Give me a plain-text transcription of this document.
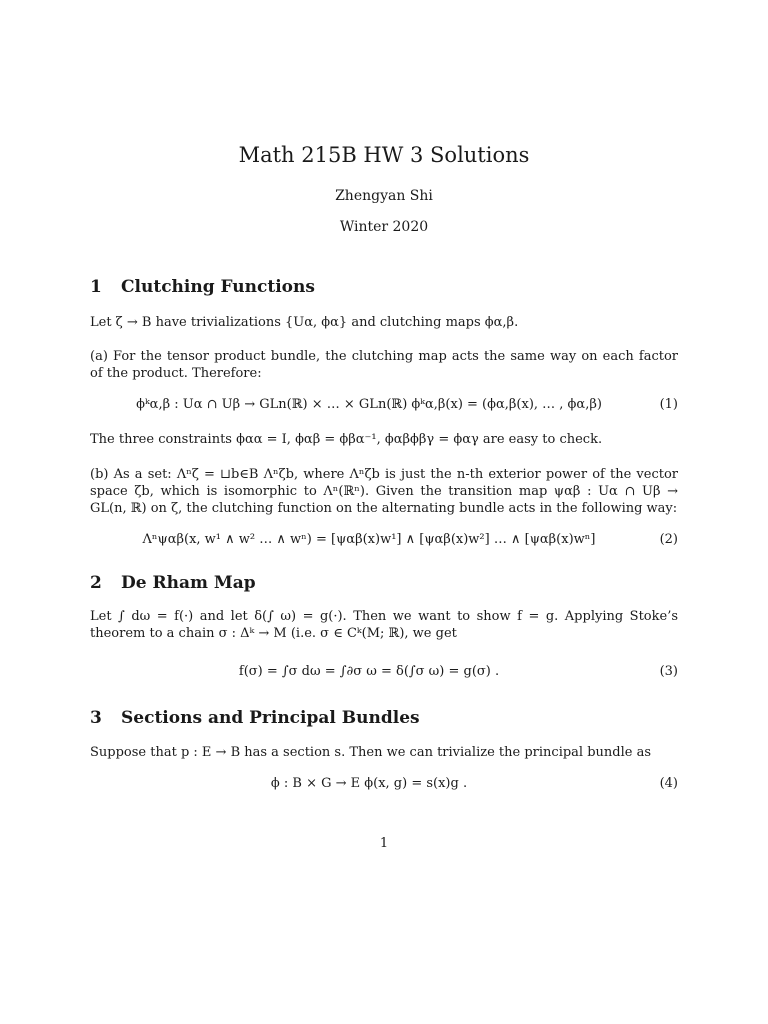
Math 215B HW 3 Solutions
Zhengyan Shi
Winter 2020
1 Clutching Functions
Let ζ → B have trivializations {Uα, ϕα} and clutching maps ϕα,β.
(a) For the tensor product bundle, the clutching map acts the same way on each factor of the product. Therefore:
ϕᵏα,β : Uα ∩ Uβ → GLn(ℝ) × … × GLn(ℝ) ϕᵏα,β(x) = (ϕα,β(x), … , ϕα,β)	(1)
The three constraints ϕαα = I, ϕαβ = ϕβα⁻¹, ϕαβϕβγ = ϕαγ are easy to check.
(b) As a set: Λⁿζ = ⊔b∈B Λⁿζb, where Λⁿζb is just the n-th exterior power of the vector space ζb, which is isomorphic to Λⁿ(ℝⁿ). Given the transition map ψαβ : Uα ∩ Uβ → GL(n, ℝ) on ζ, the clutching function on the alternating bundle acts in the following way:
Λⁿψαβ(x, w¹ ∧ w² … ∧ wⁿ) = [ψαβ(x)w¹] ∧ [ψαβ(x)w²] … ∧ [ψαβ(x)wⁿ]	(2)
2 De Rham Map
Let ∫ dω = f(·) and let δ(∫ ω) = g(·). Then we want to show f = g. Applying Stoke’s theorem to a chain σ : Δᵏ → M (i.e. σ ∈ Cᵏ(M; ℝ), we get
f(σ) = ∫σ dω = ∫∂σ ω = δ(∫σ ω) = g(σ) .	(3)
3 Sections and Principal Bundles
Suppose that p : E → B has a section s. Then we can trivialize the principal bundle as
ϕ : B × G → E ϕ(x, g) = s(x)g .	(4)
1
